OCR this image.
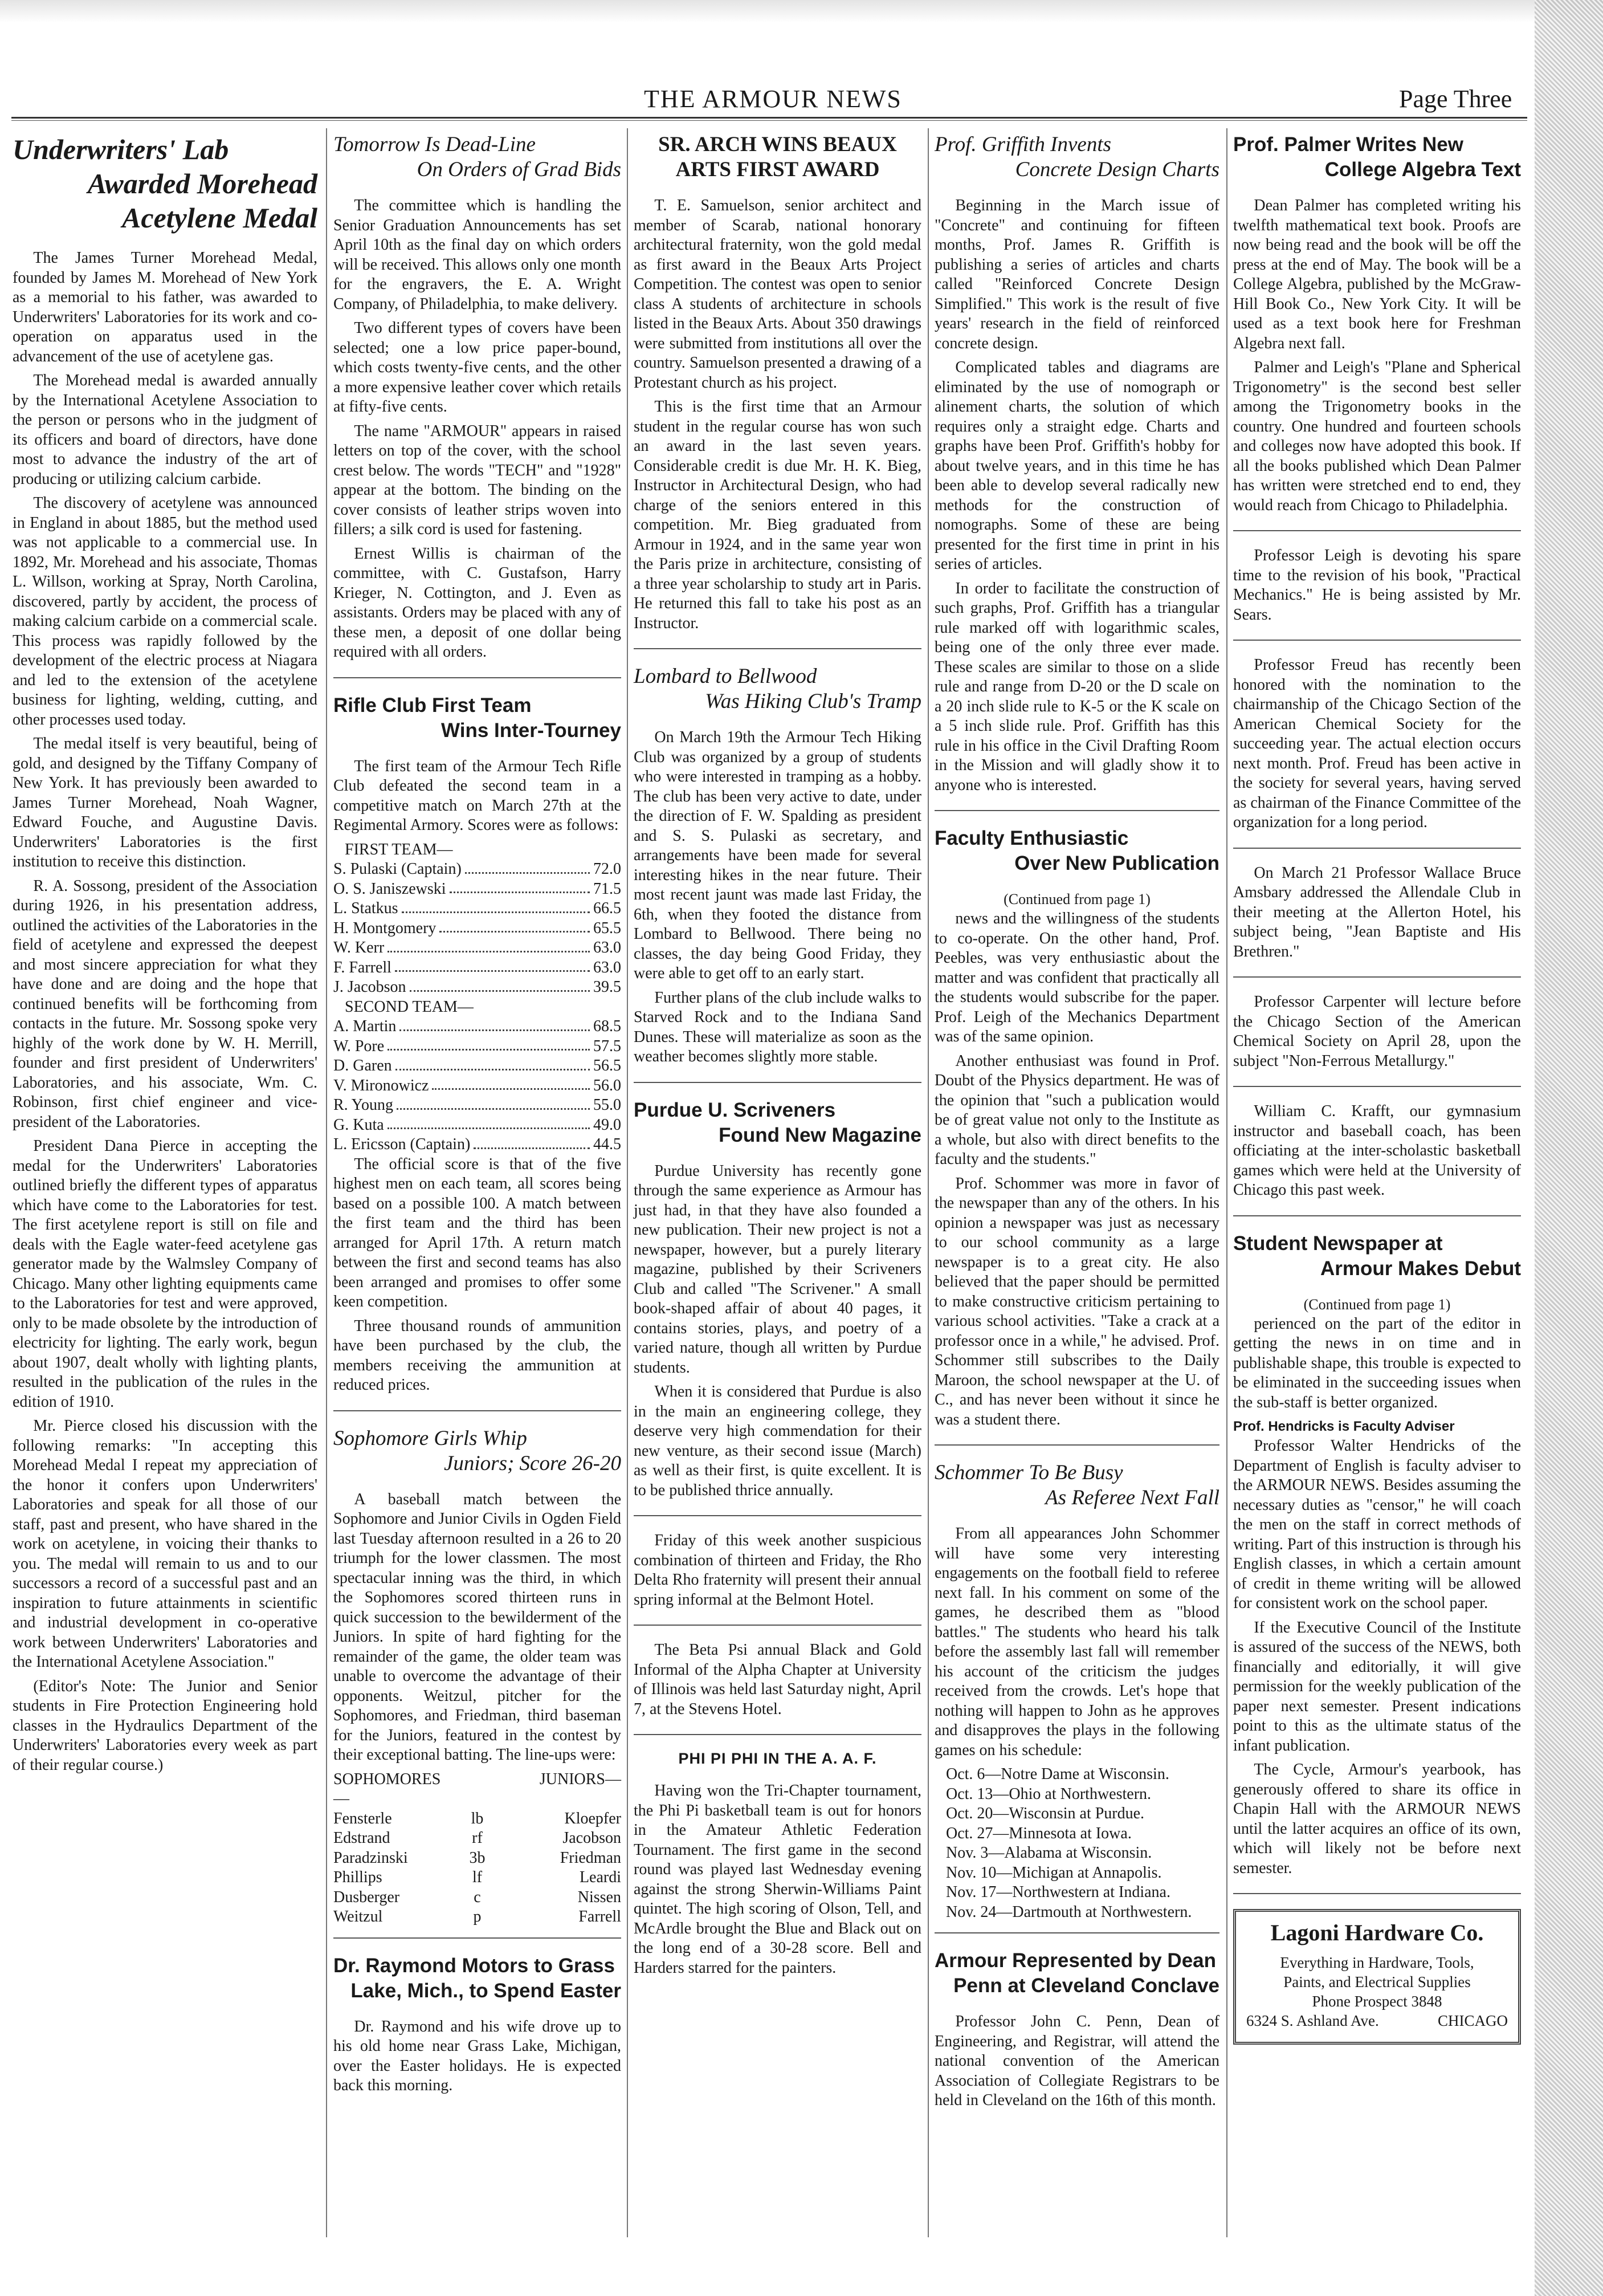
THE ARMOUR NEWS	Page Three
Underwriters' Lab
Awarded Morehead
Acetylene Medal

The James Turner Morehead Medal, founded by James M. Morehead of New York as a memorial to his father, was awarded to Underwriters' Laboratories for its work and co-operation on apparatus used in the advancement of the use of acetylene gas.

The Morehead medal is awarded annually by the International Acetylene Association to the person or persons who in the judgment of its officers and board of directors, have done most to advance the industry of the art of producing or utilizing calcium carbide.

The discovery of acetylene was announced in England in about 1885, but the method used was not applicable to a commercial use. In 1892, Mr. Morehead and his associate, Thomas L. Willson, working at Spray, North Carolina, discovered, partly by accident, the process of making calcium carbide on a commercial scale. This process was rapidly followed by the development of the electric process at Niagara and led to the extension of the acetylene business for lighting, welding, cutting, and other processes used today.

The medal itself is very beautiful, being of gold, and designed by the Tiffany Company of New York. It has previously been awarded to James Turner Morehead, Noah Wagner, Edward Fouche, and Augustine Davis. Underwriters' Laboratories is the first institution to receive this distinction.

R. A. Sossong, president of the Association during 1926, in his presentation address, outlined the activities of the Laboratories in the field of acetylene and expressed the deepest and most sincere appreciation for what they have done and are doing and the hope that continued benefits will be forthcoming from contacts in the future. Mr. Sossong spoke very highly of the work done by W. H. Merrill, founder and first president of Underwriters' Laboratories, and his associate, Wm. C. Robinson, first chief engineer and vice-president of the Laboratories.

President Dana Pierce in accepting the medal for the Underwriters' Laboratories outlined briefly the different types of apparatus which have come to the Laboratories for test. The first acetylene report is still on file and deals with the Eagle water-feed acetylene gas generator made by the Walmsley Company of Chicago. Many other lighting equipments came to the Laboratories for test and were approved, only to be made obsolete by the introduction of electricity for lighting. The early work, begun about 1907, dealt wholly with lighting plants, resulted in the publication of the rules in the edition of 1910.

Mr. Pierce closed his discussion with the following remarks: "In accepting this Morehead Medal I repeat my appreciation of the honor it confers upon Underwriters' Laboratories and speak for all those of our staff, past and present, who have shared in the work on acetylene, in voicing their thanks to you. The medal will remain to us and to our successors a record of a successful past and an inspiration to future attainments in scientific and industrial development in co-operative work between Underwriters' Laboratories and the International Acetylene Association."

(Editor's Note: The Junior and Senior students in Fire Protection Engineering hold classes in the Hydraulics Department of the Underwriters' Laboratories every week as part of their regular course.)

Tomorrow Is Dead-Line
On Orders of Grad Bids

The committee which is handling the Senior Graduation Announcements has set April 10th as the final day on which orders will be received. This allows only one month for the engravers, the E. A. Wright Company, of Philadelphia, to make delivery.

Two different types of covers have been selected; one a low price paper-bound, which costs twenty-five cents, and the other a more expensive leather cover which retails at fifty-five cents.

The name "ARMOUR" appears in raised letters on top of the cover, with the school crest below. The words "TECH" and "1928" appear at the bottom. The binding on the cover consists of leather strips woven into fillers; a silk cord is used for fastening.

Ernest Willis is chairman of the committee, with C. Gustafson, Harry Krieger, N. Cottington, and J. Even as assistants. Orders may be placed with any of these men, a deposit of one dollar being required with all orders.

Rifle Club First Team
Wins Inter-Tourney

The first team of the Armour Tech Rifle Club defeated the second team in a competitive match on March 27th at the Regimental Armory. Scores were as follows:

FIRST TEAM—
S. Pulaski (Captain)	72.0
O. S. Janiszewski	71.5
L. Statkus	66.5
H. Montgomery	65.5
W. Kerr	63.0
F. Farrell	63.0
J. Jacobson	39.5
SECOND TEAM—
A. Martin	68.5
W. Pore	57.5
D. Garen	56.5
V. Mironowicz	56.0
R. Young	55.0
G. Kuta	49.0
L. Ericsson (Captain)	44.5

The official score is that of the five highest men on each team, all scores being based on a possible 100. A match between the first team and the third has been arranged for April 17th. A return match between the first and second teams has also been arranged and promises to offer some keen competition.

Three thousand rounds of ammunition have been purchased by the club, the members receiving the ammunition at reduced prices.

Sophomore Girls Whip
Juniors; Score 26-20

A baseball match between the Sophomore and Junior Civils in Ogden Field last Tuesday afternoon resulted in a 26 to 20 triumph for the lower classmen. The most spectacular inning was the third, in which the Sophomores scored thirteen runs in quick succession to the bewilderment of the Juniors. In spite of hard fighting for the remainder of the game, the older team was unable to overcome the advantage of their opponents. Weitzul, pitcher for the Sophomores, and Friedman, third baseman for the Juniors, featured in the contest by their exceptional batting. The line-ups were:

SOPHOMORES—
JUNIORS—
Fensterle	lb	Kloepfer
Edstrand	rf	Jacobson
Paradzinski	3b	Friedman
Phillips	lf	Leardi
Dusberger	c	Nissen
Weitzul	p	Farrell
Dr. Raymond Motors to Grass
Lake, Mich., to Spend Easter

Dr. Raymond and his wife drove up to his old home near Grass Lake, Michigan, over the Easter holidays. He is expected back this morning.

SR. ARCH WINS BEAUX
ARTS FIRST AWARD

T. E. Samuelson, senior architect and member of Scarab, national honorary architectural fraternity, won the gold medal as first award in the Beaux Arts Project Competition. The contest was open to senior class A students of architecture in schools listed in the Beaux Arts. About 350 drawings were submitted from institutions all over the country. Samuelson presented a drawing of a Protestant church as his project.

This is the first time that an Armour student in the regular course has won such an award in the last seven years. Considerable credit is due Mr. H. K. Bieg, Instructor in Architectural Design, who had charge of the seniors entered in this competition. Mr. Bieg graduated from Armour in 1924, and in the same year won the Paris prize in architecture, consisting of a three year scholarship to study art in Paris. He returned this fall to take his post as an Instructor.

Lombard to Bellwood
Was Hiking Club's Tramp

On March 19th the Armour Tech Hiking Club was organized by a group of students who were interested in tramping as a hobby. The club has been very active to date, under the direction of F. W. Spalding as president and S. S. Pulaski as secretary, and arrangements have been made for several interesting hikes in the near future. Their most recent jaunt was made last Friday, the 6th, when they footed the distance from Lombard to Bellwood. There being no classes, the day being Good Friday, they were able to get off to an early start.

Further plans of the club include walks to Starved Rock and to the Indiana Sand Dunes. These will materialize as soon as the weather becomes slightly more stable.

Purdue U. Scriveners
Found New Magazine

Purdue University has recently gone through the same experience as Armour has just had, in that they have also founded a new publication. Their new project is not a newspaper, however, but a purely literary magazine, published by their Scriveners Club and called "The Scrivener." A small book-shaped affair of about 40 pages, it contains stories, plays, and poetry of a varied nature, though all written by Purdue students.

When it is considered that Purdue is also in the main an engineering college, they deserve very high commendation for their new venture, as their second issue (March) as well as their first, is quite excellent. It is to be published thrice annually.

Friday of this week another suspicious combination of thirteen and Friday, the Rho Delta Rho fraternity will present their annual spring informal at the Belmont Hotel.

The Beta Psi annual Black and Gold Informal of the Alpha Chapter at University of Illinois was held last Saturday night, April 7, at the Stevens Hotel.

PHI PI PHI IN THE A. A. F.

Having won the Tri-Chapter tournament, the Phi Pi basketball team is out for honors in the Amateur Athletic Federation Tournament. The first game in the second round was played last Wednesday evening against the strong Sherwin-Williams Paint quintet. The high scoring of Olson, Tell, and McArdle brought the Blue and Black out on the long end of a 30-28 score. Bell and Harders starred for the painters.

Prof. Griffith Invents
Concrete Design Charts

Beginning in the March issue of "Concrete" and continuing for fifteen months, Prof. James R. Griffith is publishing a series of articles and charts called "Reinforced Concrete Design Simplified." This work is the result of five years' research in the field of reinforced concrete design.

Complicated tables and diagrams are eliminated by the use of nomograph or alinement charts, the solution of which requires only a straight edge. Charts and graphs have been Prof. Griffith's hobby for about twelve years, and in this time he has been able to develop several radically new methods for the construction of nomographs. Some of these are being presented for the first time in print in his series of articles.

In order to facilitate the construction of such graphs, Prof. Griffith has a triangular rule marked off with logarithmic scales, being one of the only three ever made. These scales are similar to those on a slide rule and range from D-20 or the D scale on a 20 inch slide rule to K-5 or the K scale on a 5 inch slide rule. Prof. Griffith has this rule in his office in the Civil Drafting Room in the Mission and will gladly show it to anyone who is interested.

Faculty Enthusiastic
Over New Publication
(Continued from page 1)

news and the willingness of the students to co-operate. On the other hand, Prof. Peebles, was very enthusiastic about the matter and was confident that practically all the students would subscribe for the paper. Prof. Leigh of the Mechanics Department was of the same opinion.

Another enthusiast was found in Prof. Doubt of the Physics department. He was of the opinion that "such a publication would be of great value not only to the Institute as a whole, but also with direct benefits to the faculty and the students."

Prof. Schommer was more in favor of the newspaper than any of the others. In his opinion a newspaper was just as necessary to our school community as a large newspaper is to a great city. He also believed that the paper should be permitted to make constructive criticism pertaining to various school activities. "Take a crack at a professor once in a while," he advised. Prof. Schommer still subscribes to the Daily Maroon, the school newspaper at the U. of C., and has never been without it since he was a student there.

Schommer To Be Busy
As Referee Next Fall

From all appearances John Schommer will have some very interesting engagements on the football field to referee next fall. In his comment on some of the games, he described them as "blood battles." The students who heard his talk before the assembly last fall will remember his account of the criticism the judges received from the crowds. Let's hope that nothing will happen to John as he approves and disapproves the plays in the following games on his schedule:

Oct. 6—Notre Dame at Wisconsin.
Oct. 13—Ohio at Northwestern.
Oct. 20—Wisconsin at Purdue.
Oct. 27—Minnesota at Iowa.
Nov. 3—Alabama at Wisconsin.
Nov. 10—Michigan at Annapolis.
Nov. 17—Northwestern at Indiana.
Nov. 24—Dartmouth at Northwestern.
Armour Represented by Dean
Penn at Cleveland Conclave

Professor John C. Penn, Dean of Engineering, and Registrar, will attend the national convention of the American Association of Collegiate Registrars to be held in Cleveland on the 16th of this month.

Prof. Palmer Writes New
College Algebra Text

Dean Palmer has completed writing his twelfth mathematical text book. Proofs are now being read and the book will be off the press at the end of May. The book will be a College Algebra, published by the McGraw-Hill Book Co., New York City. It will be used as a text book here for Freshman Algebra next fall.

Palmer and Leigh's "Plane and Spherical Trigonometry" is the second best seller among the Trigonometry books in the country. One hundred and fourteen schools and colleges now have adopted this book. If all the books published which Dean Palmer has written were stretched end to end, they would reach from Chicago to Philadelphia.

Professor Leigh is devoting his spare time to the revision of his book, "Practical Mechanics." He is being assisted by Mr. Sears.

Professor Freud has recently been honored with the nomination to the chairmanship of the Chicago Section of the American Chemical Society for the succeeding year. The actual election occurs next month. Prof. Freud has been active in the society for several years, having served as chairman of the Finance Committee of the organization for a long period.

On March 21 Professor Wallace Bruce Amsbary addressed the Allendale Club in their meeting at the Allerton Hotel, his subject being, "Jean Baptiste and His Brethren."

Professor Carpenter will lecture before the Chicago Section of the American Chemical Society on April 28, upon the subject "Non-Ferrous Metallurgy."

William C. Krafft, our gymnasium instructor and baseball coach, has been officiating at the inter-scholastic basketball games which were held at the University of Chicago this past week.

Student Newspaper at
Armour Makes Debut
(Continued from page 1)

perienced on the part of the editor in getting the news in on time and in publishable shape, this trouble is expected to be eliminated in the succeeding issues when the sub-staff is better organized.

Prof. Hendricks is Faculty Adviser

Professor Walter Hendricks of the Department of English is faculty adviser to the ARMOUR NEWS. Besides assuming the necessary duties as "censor," he will coach the men on the staff in correct methods of writing. Part of this instruction is through his English classes, in which a certain amount of credit in theme writing will be allowed for consistent work on the school paper.

If the Executive Council of the Institute is assured of the success of the NEWS, both financially and editorially, it will give permission for the weekly publication of the paper next semester. Present indications point to this as the ultimate status of the infant publication.

The Cycle, Armour's yearbook, has generously offered to share its office in Chapin Hall with the ARMOUR NEWS until the latter acquires an office of its own, which will likely not be before next semester.

Lagoni Hardware Co.
Everything in Hardware, Tools,
Paints, and Electrical Supplies
Phone Prospect 3848
6324 S. Ashland Ave.	CHICAGO
